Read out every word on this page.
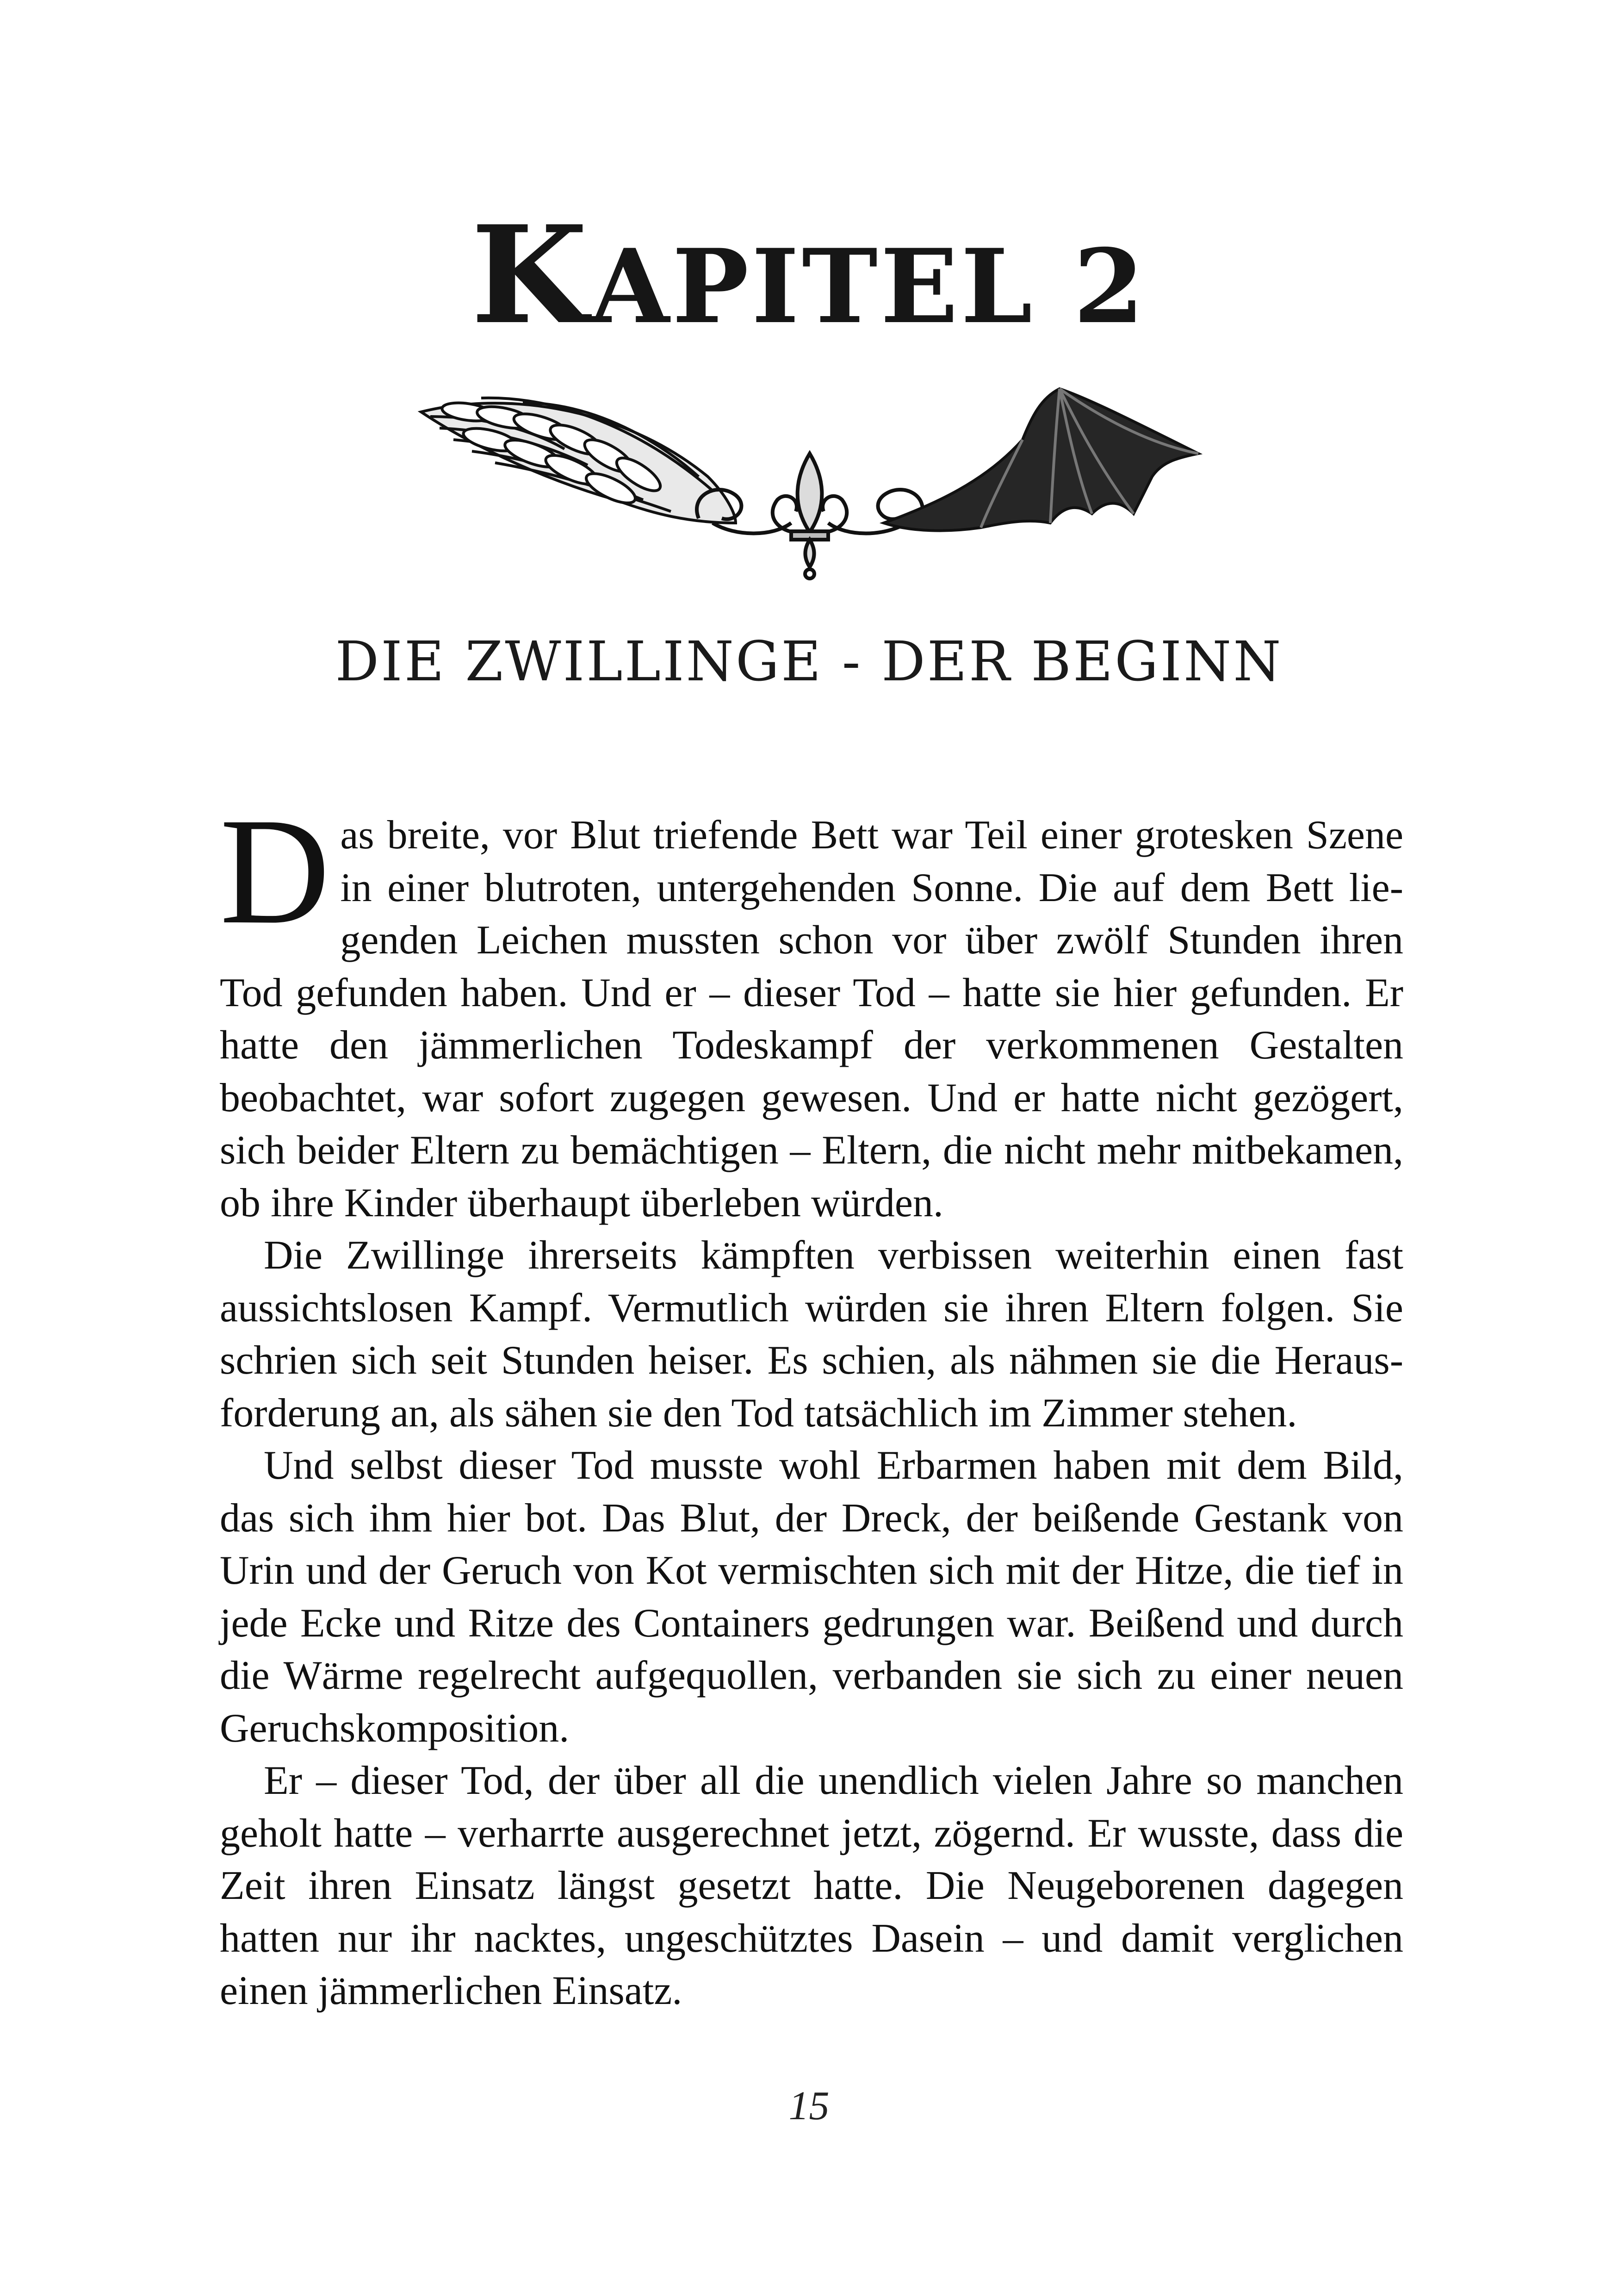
KAPITEL 2
DIE ZWILLINGE - DER BEGINN

Das breite, vor Blut triefende Bett war Teil einer grotesken Szene in einer blutroten, untergehenden Sonne. Die auf dem Bett liegenden Leichen mussten schon vor über zwölf Stunden ihren Tod gefunden haben. Und er – dieser Tod – hatte sie hier gefunden. Er hatte den jämmerlichen Todeskampf der verkommenen Gestalten beobachtet, war sofort zugegen gewesen. Und er hatte nicht gezögert, sich beider Eltern zu bemächtigen – Eltern, die nicht mehr mitbekamen, ob ihre Kinder überhaupt überleben würden.

Die Zwillinge ihrerseits kämpften verbissen weiterhin einen fast aussichtslosen Kampf. Vermutlich würden sie ihren Eltern folgen. Sie schrien sich seit Stunden heiser. Es schien, als nähmen sie die Herausforderung an, als sähen sie den Tod tatsächlich im Zimmer stehen.

Und selbst dieser Tod musste wohl Erbarmen haben mit dem Bild, das sich ihm hier bot. Das Blut, der Dreck, der beißende Gestank von Urin und der Geruch von Kot vermischten sich mit der Hitze, die tief in jede Ecke und Ritze des Containers gedrungen war. Beißend und durch die Wärme regelrecht aufgequollen, verbanden sie sich zu einer neuen Geruchskomposition.

Er – dieser Tod, der über all die unendlich vielen Jahre so manchen geholt hatte – verharrte ausgerechnet jetzt, zögernd. Er wusste, dass die Zeit ihren Einsatz längst gesetzt hatte. Die Neugeborenen dagegen hatten nur ihr nacktes, ungeschütztes Dasein – und damit verglichen einen jämmerlichen Einsatz.

15
